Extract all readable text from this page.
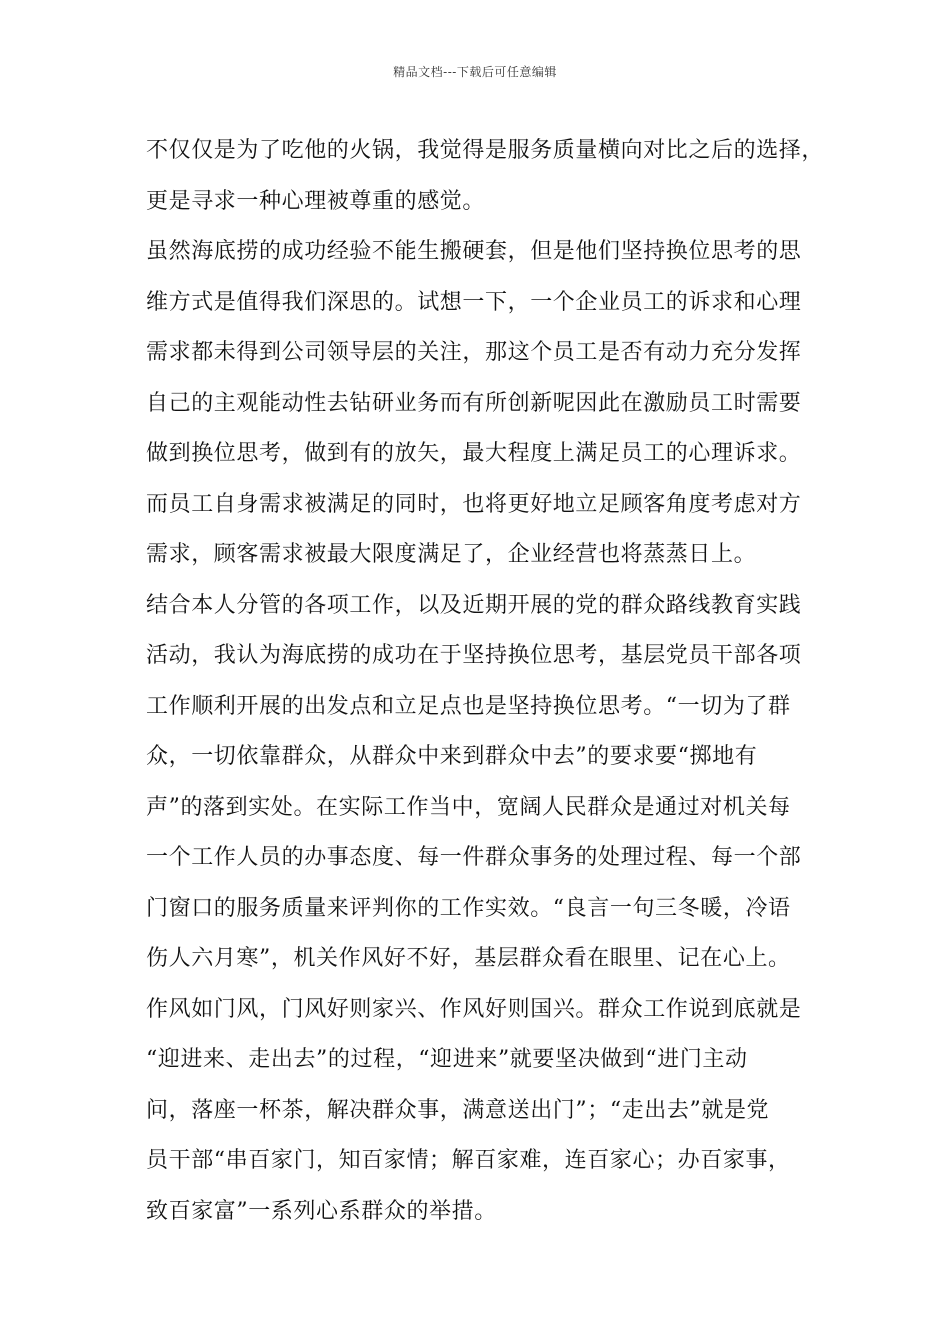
精品文档---下载后可任意编辑
不仅仅是为了吃他的火锅，我觉得是服务质量横向对比之后的选择，
更是寻求一种心理被尊重的感觉。
虽然海底捞的成功经验不能生搬硬套，但是他们坚持换位思考的思
维方式是值得我们深思的。试想一下，一个企业员工的诉求和心理
需求都未得到公司领导层的关注，那这个员工是否有动力充分发挥
自己的主观能动性去钻研业务而有所创新呢因此在激励员工时需要
做到换位思考，做到有的放矢，最大程度上满足员工的心理诉求。
而员工自身需求被满足的同时，也将更好地立足顾客角度考虑对方
需求，顾客需求被最大限度满足了，企业经营也将蒸蒸日上。
结合本人分管的各项工作，以及近期开展的党的群众路线教育实践
活动，我认为海底捞的成功在于坚持换位思考，基层党员干部各项
工作顺利开展的出发点和立足点也是坚持换位思考。“一切为了群
众，一切依靠群众，从群众中来到群众中去”的要求要“掷地有
声”的落到实处。在实际工作当中，宽阔人民群众是通过对机关每
一个工作人员的办事态度、每一件群众事务的处理过程、每一个部
门窗口的服务质量来评判你的工作实效。“良言一句三冬暖，冷语
伤人六月寒”，机关作风好不好，基层群众看在眼里、记在心上。
作风如门风，门风好则家兴、作风好则国兴。群众工作说到底就是
“迎进来、走出去”的过程，“迎进来”就要坚决做到“进门主动
问，落座一杯茶，解决群众事，满意送出门”；“走出去”就是党
员干部“串百家门，知百家情；解百家难，连百家心；办百家事，
致百家富”一系列心系群众的举措。
